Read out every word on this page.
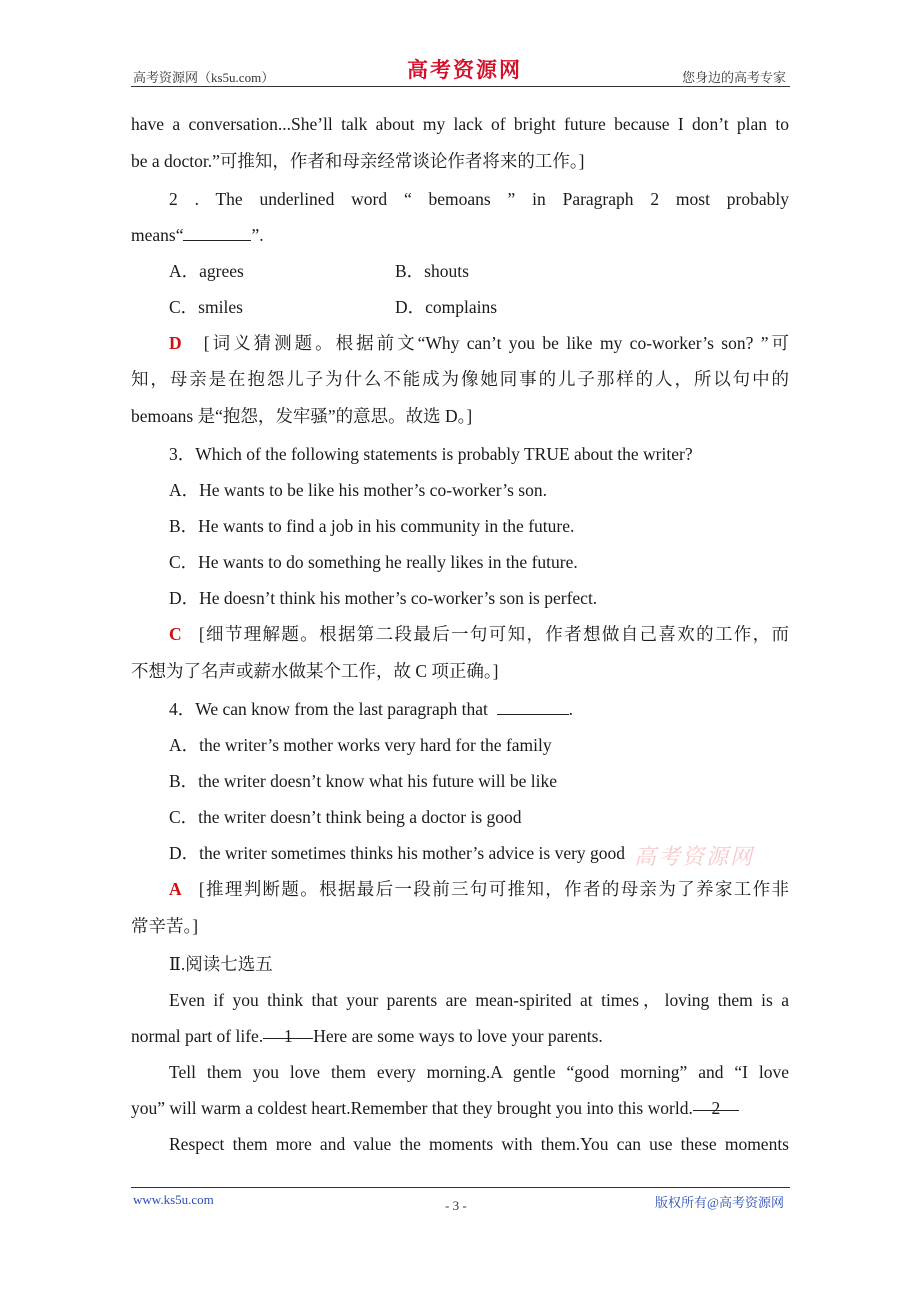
高考资源网（ks5u.com）	高考资源网	您身边的高考专家
have a conversation...She’ll talk about my lack of bright future because I don’t plan to
be a doctor.”可推知，作者和母亲经常谈论作者将来的工作。]
2 . The underlined word “ bemoans ” in Paragraph 2 most probably
means“	”.
A．agrees	B．shouts
C．smiles	D．complains
D [词义猜测题。根据前文“Why can’t you be like my co-worker’s son? ”可
知，母亲是在抱怨儿子为什么不能成为像她同事的儿子那样的人，所以句中的
bemoans 是“抱怨，发牢骚”的意思。故选 D。]
3．Which of the following statements is probably TRUE about the writer?
A．He wants to be like his mother’s co-worker’s son.
B．He wants to find a job in his community in the future.
C．He wants to do something he really likes in the future.
D．He doesn’t think his mother’s co-worker’s son is perfect.
C [细节理解题。根据第二段最后一句可知，作者想做自己喜欢的工作，而
不想为了名声或薪水做某个工作，故 C 项正确。]
4．We can know from the last paragraph that	.
A．the writer’s mother works very hard for the family
B．the writer doesn’t know what his future will be like
C．the writer doesn’t think being a doctor is good
D．the writer sometimes thinks his mother’s advice is very good
A [推理判断题。根据最后一段前三句可推知，作者的母亲为了养家工作非
常辛苦。]
Ⅱ.阅读七选五
Even if you think that your parents are mean-spirited at times，loving them is a
normal part of life. 1 Here are some ways to love your parents.
Tell them you love them every morning.A gentle “good morning” and “I love
you” will warm a coldest heart.Remember that they brought you into this world. 2
Respect them more and value the moments with them.You can use these moments
高考资源网
www.ks5u.com	- 3 -	版权所有@高考资源网
